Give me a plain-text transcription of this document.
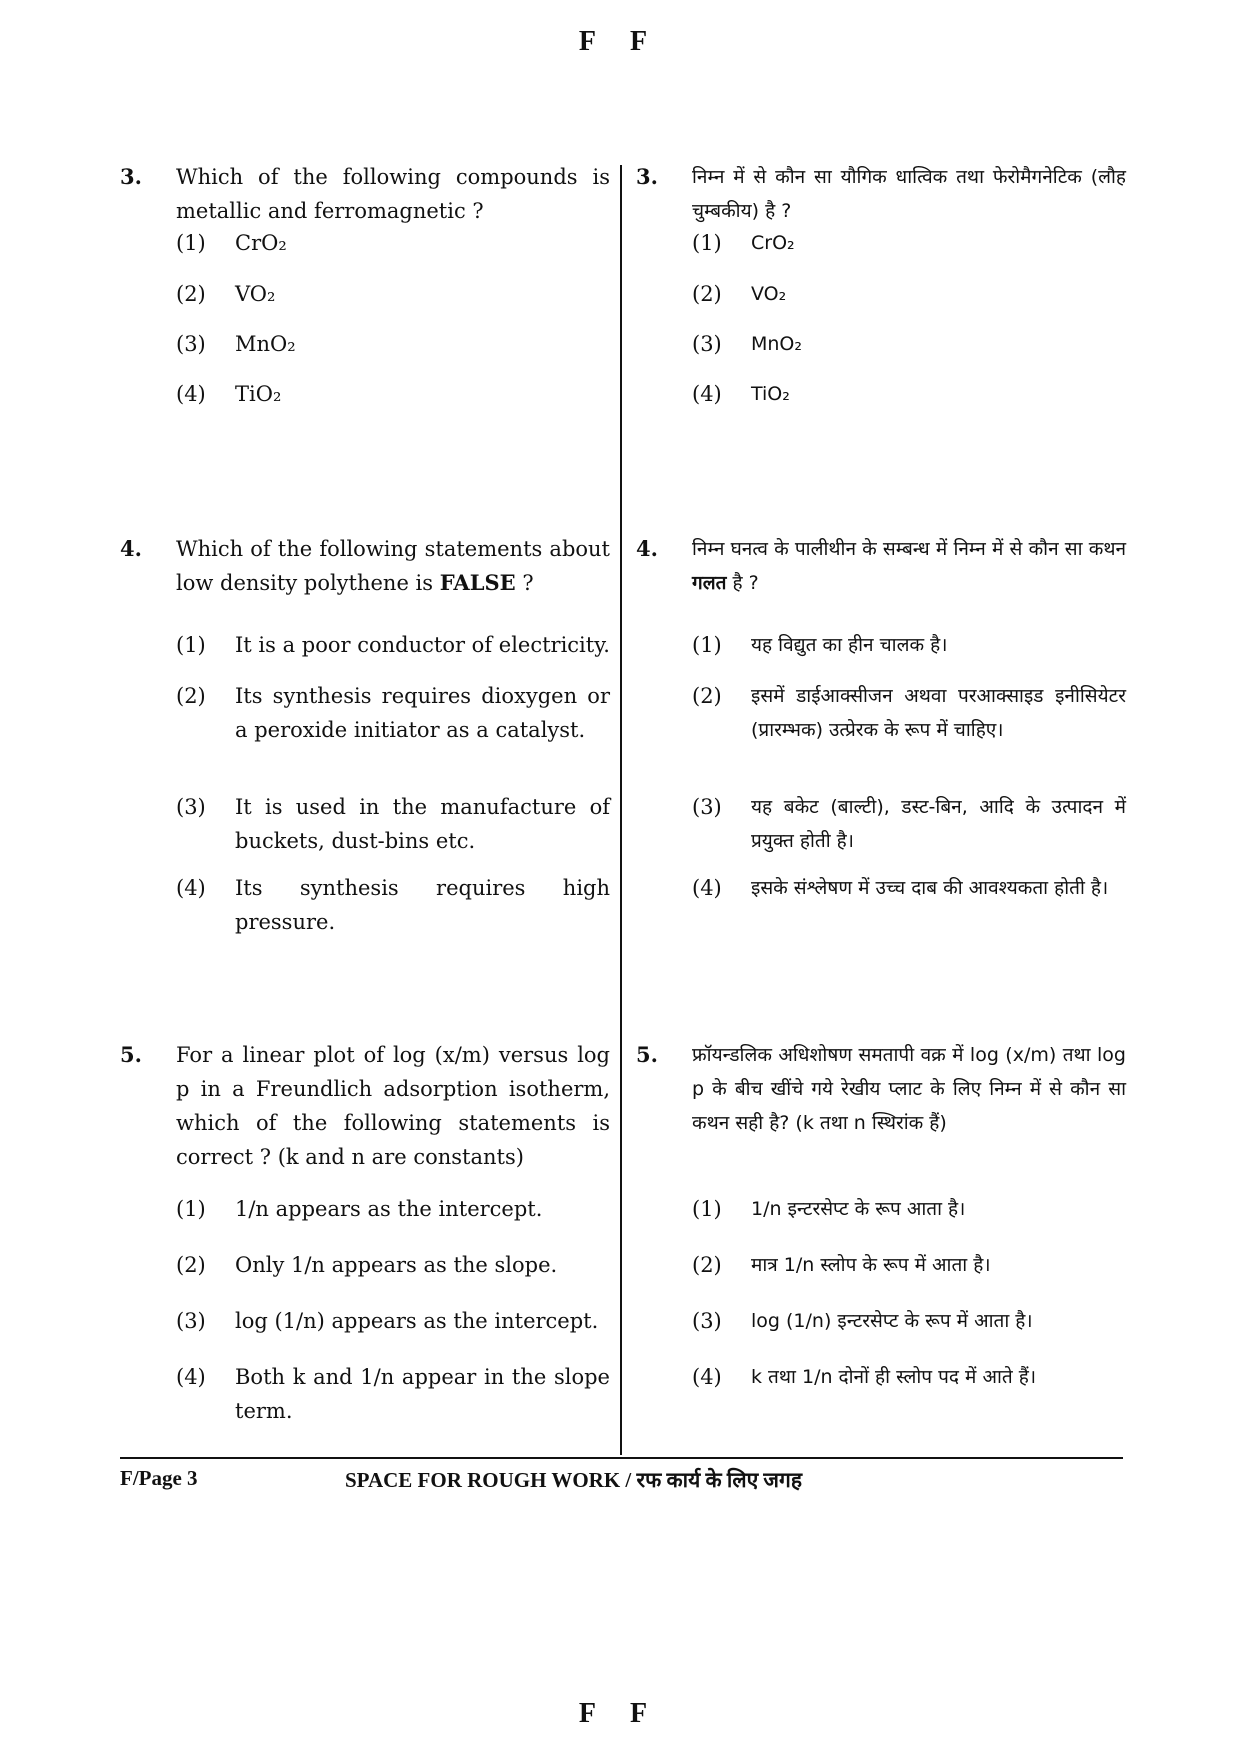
F F
3.	Which of the following compounds is metallic and ferromagnetic ?
(1)	CrO₂
(2)	VO₂
(3)	MnO₂
(4)	TiO₂
4.	Which of the following statements about low density polythene is FALSE ?
(1)	It is a poor conductor of electricity.
(2)	Its synthesis requires dioxygen or a peroxide initiator as a catalyst.
(3)	It is used in the manufacture of buckets, dust-bins etc.
(4)	Its synthesis requires high pressure.
5.	For a linear plot of log (x/m) versus log p in a Freundlich adsorption isotherm, which of the following statements is correct ? (k and n are constants)
(1)	1/n appears as the intercept.
(2)	Only 1/n appears as the slope.
(3)	log (1/n) appears as the intercept.
(4)	Both k and 1/n appear in the slope term.
3.	निम्न में से कौन सा यौगिक धात्विक तथा फेरोमैगनेटिक (लौह चुम्बकीय) है ?
(1)	CrO₂
(2)	VO₂
(3)	MnO₂
(4)	TiO₂
4.	निम्न घनत्व के पालीथीन के सम्बन्ध में निम्न में से कौन सा कथन गलत है ?
(1)	यह विद्युत का हीन चालक है।
(2)	इसमें डाईआक्सीजन अथवा परआक्साइड इनीसियेटर (प्रारम्भक) उत्प्रेरक के रूप में चाहिए।
(3)	यह बकेट (बाल्टी), डस्ट-बिन, आदि के उत्पादन में प्रयुक्त होती है।
(4)	इसके संश्लेषण में उच्च दाब की आवश्यकता होती है।
5.	फ्रॉयन्डलिक अधिशोषण समतापी वक्र में log (x/m) तथा log p के बीच खींचे गये रेखीय प्लाट के लिए निम्न में से कौन सा कथन सही है? (k तथा n स्थिरांक हैं)
(1)	1/n इन्टरसेप्ट के रूप आता है।
(2)	मात्र 1/n स्लोप के रूप में आता है।
(3)	log (1/n) इन्टरसेप्ट के रूप में आता है।
(4)	k तथा 1/n दोनों ही स्लोप पद में आते हैं।
F/Page 3	SPACE FOR ROUGH WORK / रफ कार्य के लिए जगह
F F
